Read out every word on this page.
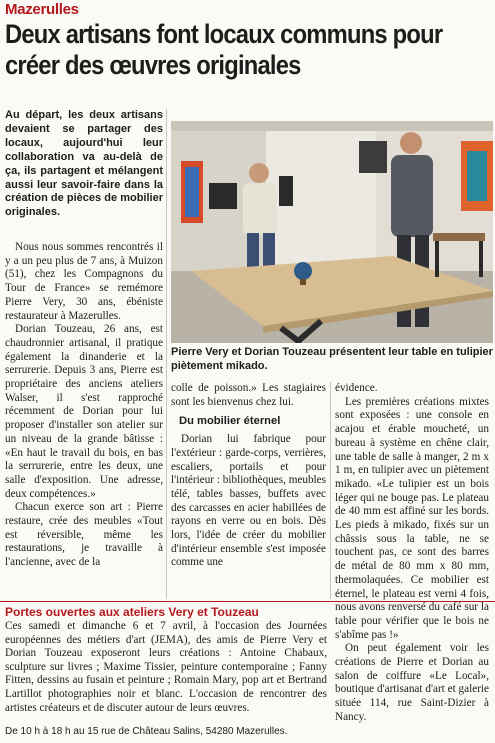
Mazerulles
Deux artisans font locaux communs pour créer des œuvres originales
Au départ, les deux artisans devaient se partager des locaux, aujourd'hui leur collaboration va au-delà de ça, ils partagent et mélangent aussi leur savoir-faire dans la création de pièces de mobilier originales.

Nous nous sommes rencontrés il y a un peu plus de 7 ans, à Muizon (51), chez les Compagnons du Tour de France» se remémore Pierre Very, 30 ans, ébéniste restaurateur à Mazerulles.

Dorian Touzeau, 26 ans, est chaudronnier artisanal, il pratique également la dinanderie et la serrurerie. Depuis 3 ans, Pierre est propriétaire des anciens ateliers Walser, il s'est rapproché récemment de Dorian pour lui proposer d'installer son atelier sur un niveau de la grande bâtisse : «En haut le travail du bois, en bas la serrurerie, entre les deux, une salle d'exposition. Une adresse, deux compétences.»

Chacun exerce son art : Pierre restaure, crée des meubles «Tout est réversible, même les restaurations, je travaille à l'ancienne, avec de la

Pierre Very et Dorian Touzeau présentent leur table en tulipier piètement mikado.

colle de poisson.» Les stagiaires sont les bienvenus chez lui.

Du mobilier éternel

Dorian lui fabrique pour l'extérieur : garde-corps, verrières, escaliers, portails et pour l'intérieur : bibliothèques, meubles télé, tables basses, buffets avec des carcasses en acier habillées de rayons en verre ou en bois. Dès lors, l'idée de créer du mobilier d'intérieur ensemble s'est imposée comme une

évidence.

Les premières créations mixtes sont exposées : une console en acajou et érable moucheté, un bureau à système en chêne clair, une table de salle à manger, 2 m x 1 m, en tulipier avec un piètement mikado. «Le tulipier est un bois léger qui ne bouge pas. Le plateau de 40 mm est affiné sur les bords. Les pieds à mikado, fixés sur un châssis sous la table, ne se touchent pas, ce sont des barres de métal de 80 mm x 80 mm, thermolaquées. Ce mobilier est éternel, le plateau est verni 4 fois, nous avons renversé du café sur la table pour vérifier que le bois ne s'abîme pas !»

On peut également voir les créations de Pierre et Dorian au salon de coiffure «Le Local», boutique d'artisanat d'art et galerie située 114, rue Saint-Dizier à Nancy.

Portes ouvertes aux ateliers Very et Touzeau
Ces samedi et dimanche 6 et 7 avril, à l'occasion des Journées européennes des métiers d'art (JEMA), des amis de Pierre Very et Dorian Touzeau exposeront leurs créations : Antoine Chabaux, sculpture sur livres ; Maxime Tissier, peinture contemporaine ; Fanny Fitten, dessins au fusain et peinture ; Romain Mary, pop art et Bertrand Lartillot photographies noir et blanc. L'occasion de rencontrer des artistes créateurs et de discuter autour de leurs œuvres.
De 10 h à 18 h au 15 rue de Château Salins, 54280 Mazerulles.
